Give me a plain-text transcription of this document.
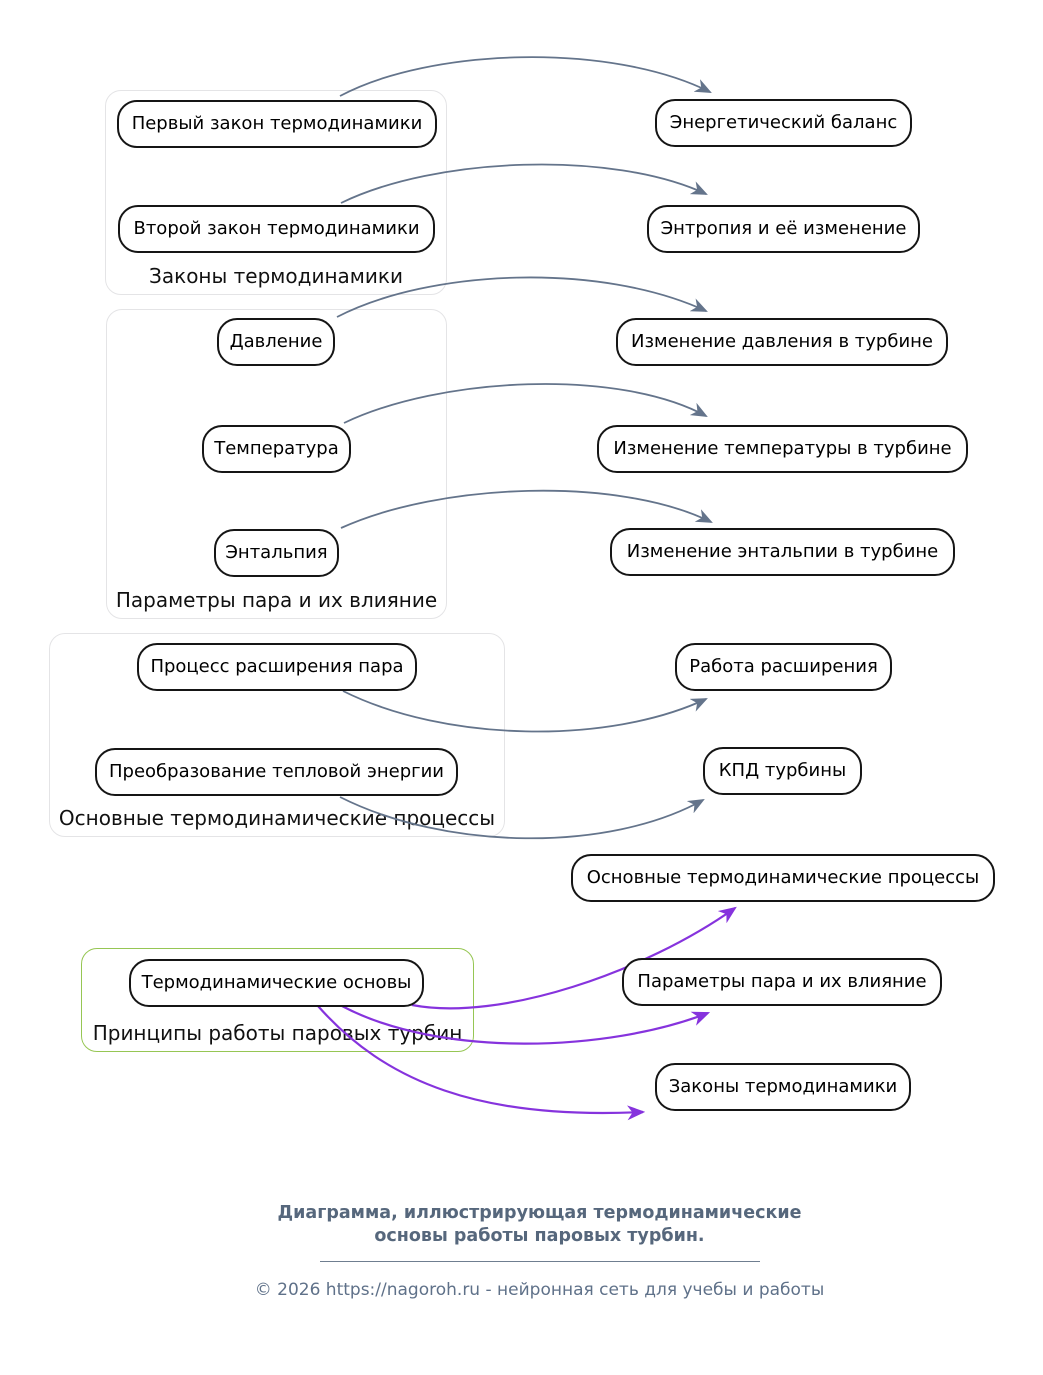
Законы термодинамики
Параметры пара и их влияние
Основные термодинамические процессы
Принципы работы паровых турбин
Первый закон термодинамики
Второй закон термодинамики
Давление
Температура
Энтальпия
Процесс расширения пара
Преобразование тепловой энергии
Термодинамические основы
Энергетический баланс
Энтропия и её изменение
Изменение давления в турбине
Изменение температуры в турбине
Изменение энтальпии в турбине
Работа расширения
КПД турбины
Основные термодинамические процессы
Параметры пара и их влияние
Законы термодинамики
Диаграмма, иллюстрирующая термодинамические
основы работы паровых турбин.
© 2026 https://nagoroh.ru - нейронная сеть для учебы и работы
